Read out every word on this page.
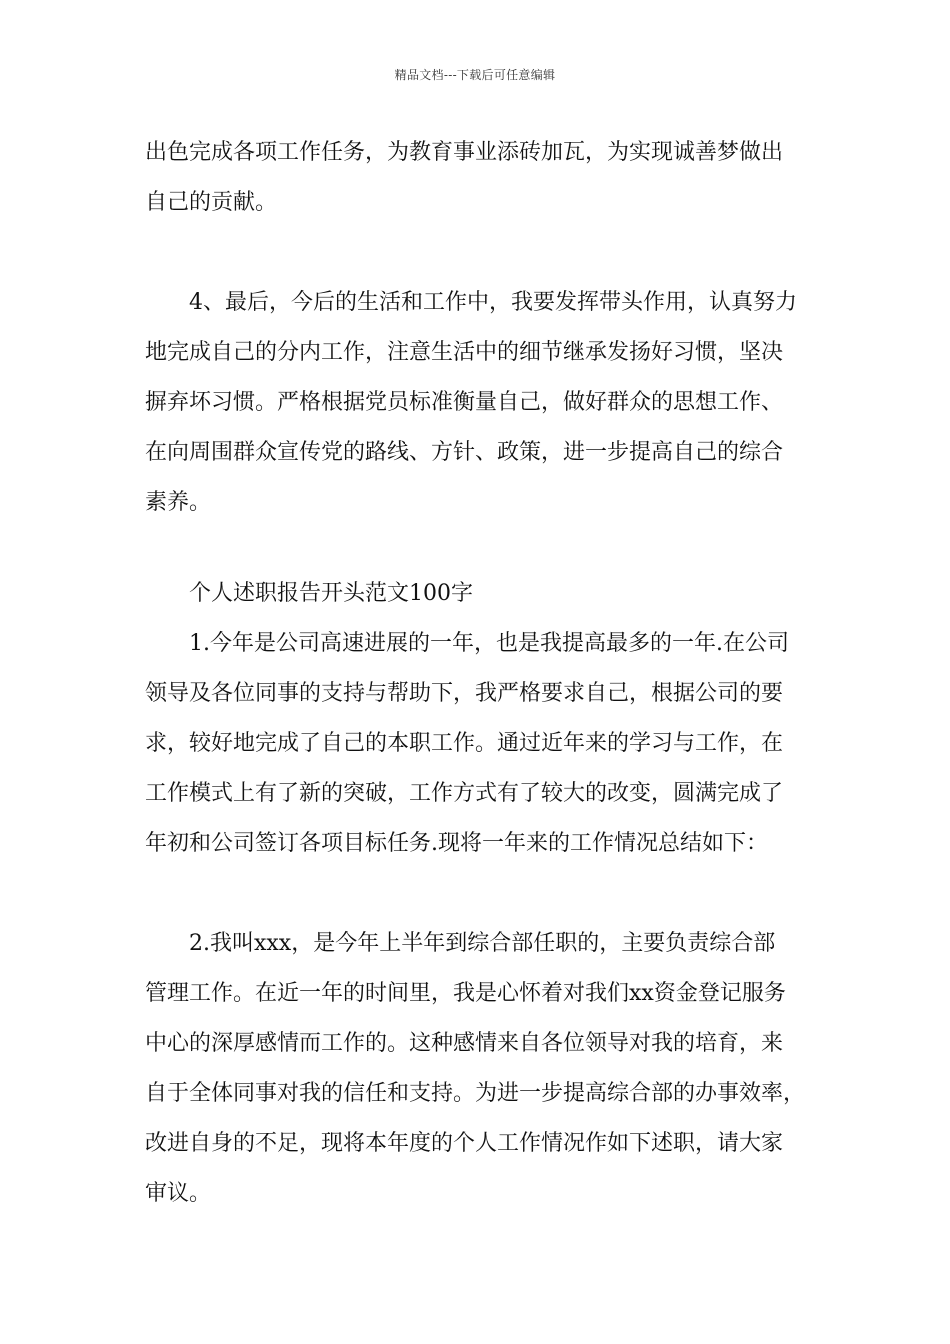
精品文档---下载后可任意编辑
出色完成各项工作任务，为教育事业添砖加瓦，为实现诚善梦做出
自己的贡献。
4、最后，今后的生活和工作中，我要发挥带头作用，认真努力
地完成自己的分内工作，注意生活中的细节继承发扬好习惯，坚决
摒弃坏习惯。严格根据党员标准衡量自己，做好群众的思想工作、
在向周围群众宣传党的路线、方针、政策，进一步提高自己的综合
素养。
个人述职报告开头范文100字
1.今年是公司高速进展的一年，也是我提高最多的一年.在公司
领导及各位同事的支持与帮助下，我严格要求自己，根据公司的要
求，较好地完成了自己的本职工作。通过近年来的学习与工作，在
工作模式上有了新的突破，工作方式有了较大的改变，圆满完成了
年初和公司签订各项目标任务.现将一年来的工作情况总结如下：
2.我叫xxx，是今年上半年到综合部任职的，主要负责综合部
管理工作。在近一年的时间里，我是心怀着对我们xx资金登记服务
中心的深厚感情而工作的。这种感情来自各位领导对我的培育，来
自于全体同事对我的信任和支持。为进一步提高综合部的办事效率，
改进自身的不足，现将本年度的个人工作情况作如下述职，请大家
审议。
